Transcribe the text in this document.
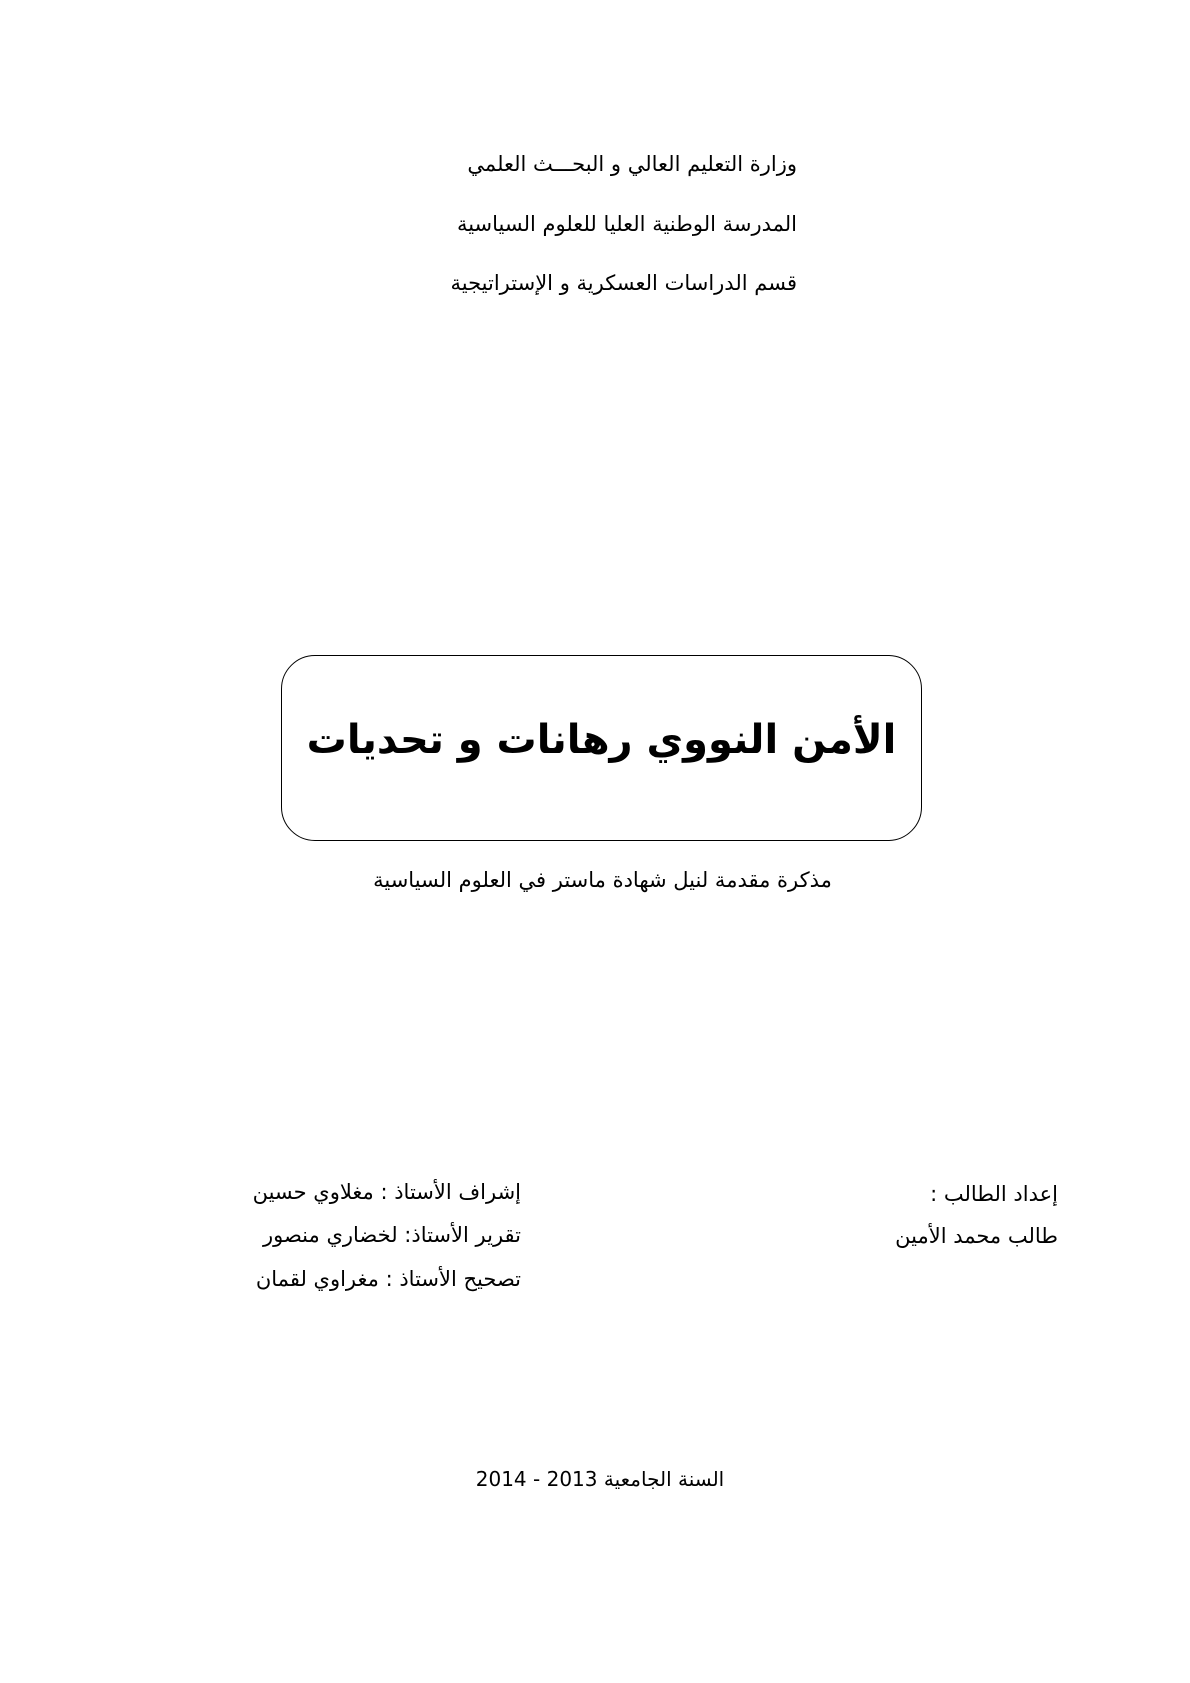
وزارة التعليم العالي و البحـــث العلمي
المدرسة الوطنية العليا للعلوم السياسية
قسم الدراسات العسكرية و الإستراتيجية
الأمن النووي رهانات و تحديات
مذكرة مقدمة لنيل شهادة ماستر في العلوم السياسية
إعداد الطالب :
طالب محمد الأمين
إشراف الأستاذ : مغلاوي حسين
تقرير الأستاذ: لخضاري منصور
تصحيح الأستاذ : مغراوي لقمان
السنة الجامعية 2013 - 2014
